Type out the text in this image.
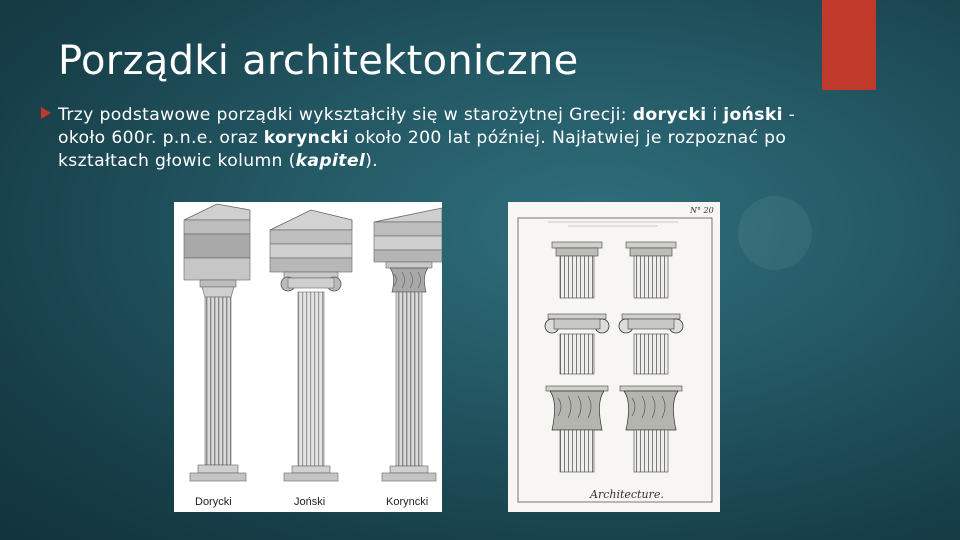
Porządki architektoniczne
Trzy podstawowe porządki wykształciły się w starożytnej Grecji: dorycki i joński - około 600r. p.n.e. oraz koryncki około 200 lat później. Najłatwiej je rozpoznać po kształtach głowic kolumn (kapitel).
Dorycki	Joński	Koryncki
N° 20
Architecture.
